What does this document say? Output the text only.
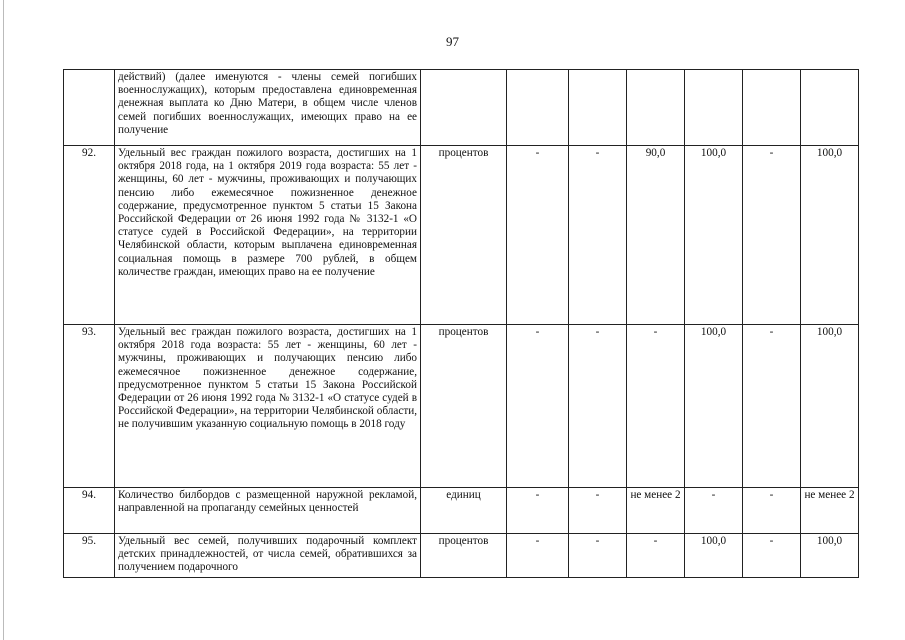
97
	действий) (далее именуются - члены семей погибших военнослужащих), которым предоставлена единовременная денежная выплата ко Дню Матери, в общем числе членов семей погибших военнослужащих, имеющих право на ее получение							
92.	Удельный вес граждан пожилого возраста, достигших на 1 октября 2018 года, на 1 октября 2019 года возраста: 55 лет - женщины, 60 лет - мужчины, проживающих и получающих пенсию либо ежемесячное пожизненное денежное содержание, предусмотренное пунктом 5 статьи 15 Закона Российской Федерации от 26 июня 1992 года № 3132-1 «О статусе судей в Российской Федерации», на территории Челябинской области, которым выплачена единовременная социальная помощь в размере 700 рублей, в общем количестве граждан, имеющих право на ее получение	процентов	-	-	90,0	100,0	-	100,0
93.	Удельный вес граждан пожилого возраста, достигших на 1 октября 2018 года возраста: 55 лет - женщины, 60 лет - мужчины, проживающих и получающих пенсию либо ежемесячное пожизненное денежное содержание, предусмотренное пунктом 5 статьи 15 Закона Российской Федерации от 26 июня 1992 года № 3132-1 «О статусе судей в Российской Федерации», на территории Челябинской области, не получившим указанную социальную помощь в 2018 году	процентов	-	-	-	100,0	-	100,0
94.	Количество билбордов с размещенной наружной рекламой, направленной на пропаганду семейных ценностей	единиц	-	-	не менее 2	-	-	не менее 2
95.	Удельный вес семей, получивших подарочный комплект детских принадлежностей, от числа семей, обратившихся за получением подарочного	процентов	-	-	-	100,0	-	100,0
